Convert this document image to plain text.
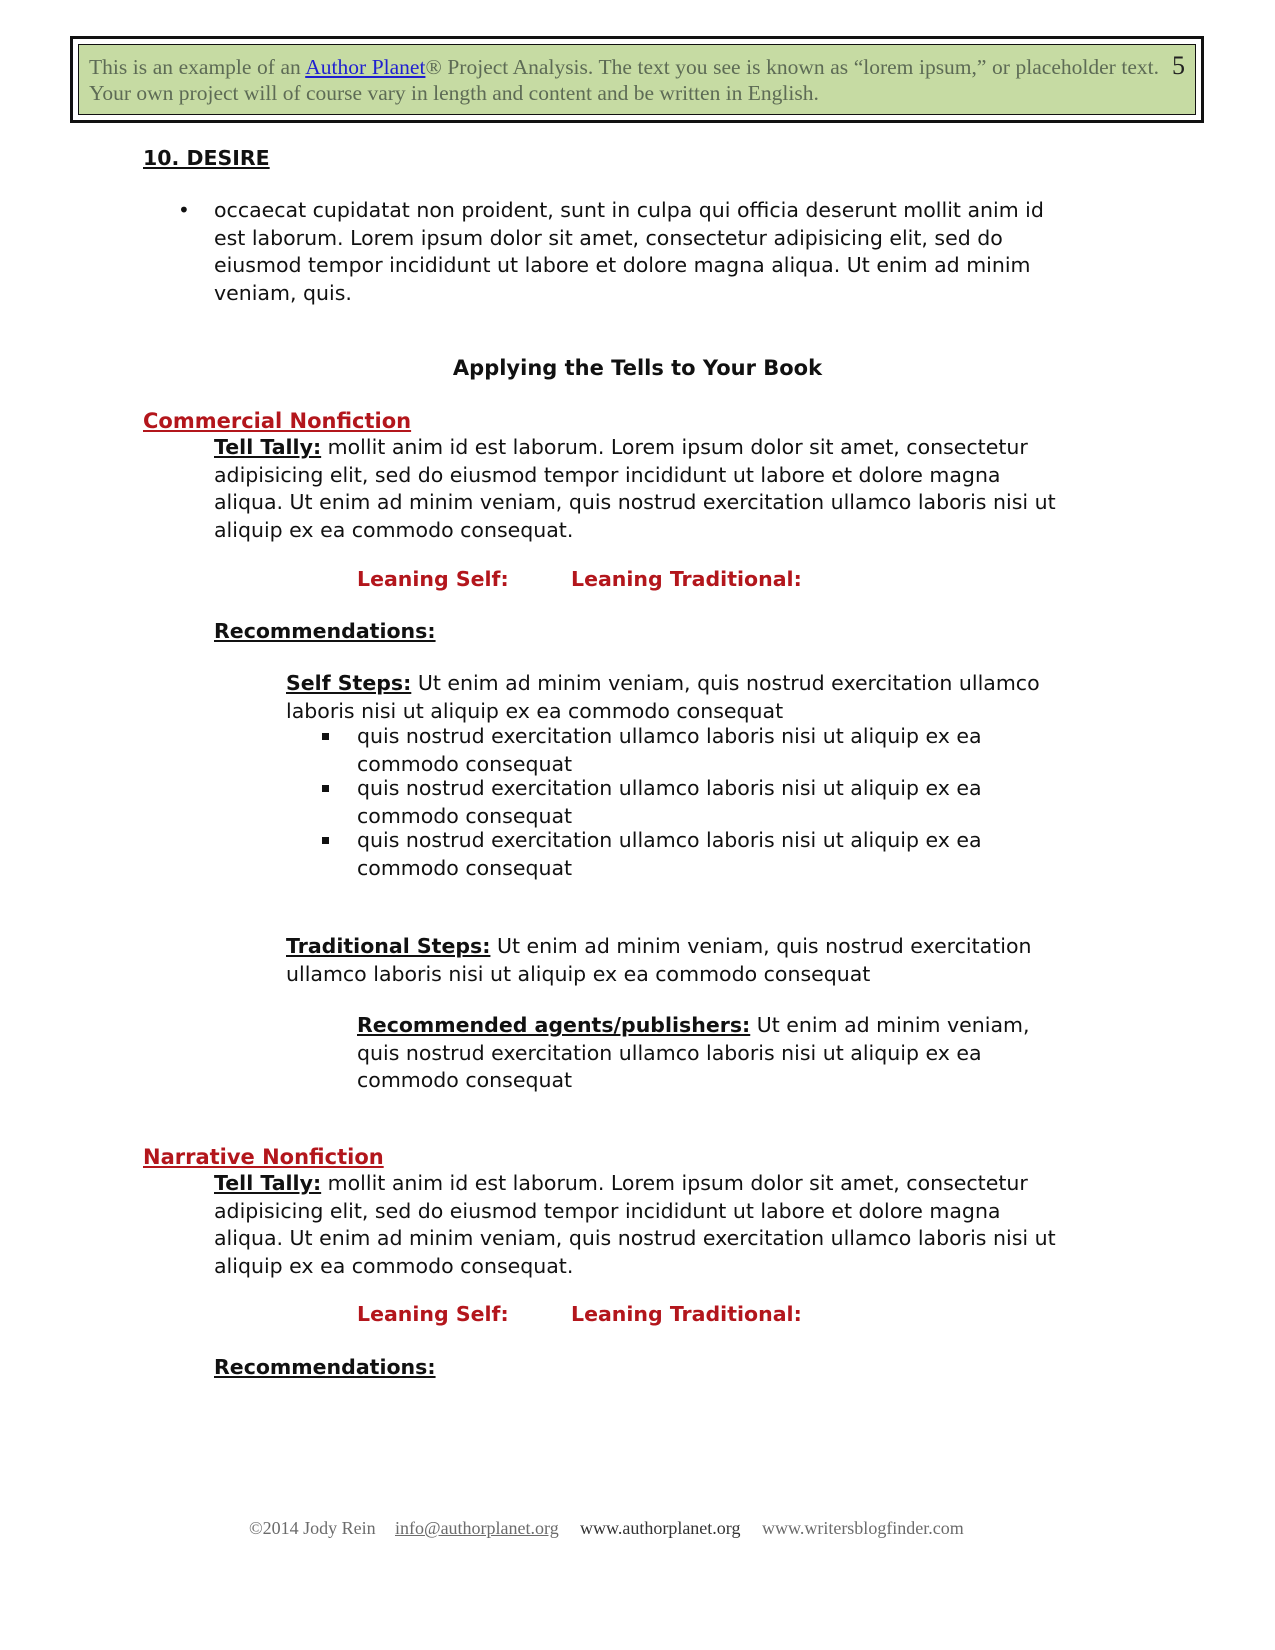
This is an example of an Author Planet® Project Analysis. The text you see is known as “lorem ipsum,” or placeholder text. Your own project will of course vary in length and content and be written in English.
5
10. DESIRE
• occaecat cupidatat non proident, sunt in culpa qui officia deserunt mollit anim id est laborum. Lorem ipsum dolor sit amet, consectetur adipisicing elit, sed do eiusmod tempor incididunt ut labore et dolore magna aliqua. Ut enim ad minim veniam, quis.
Applying the Tells to Your Book
Commercial Nonfiction
Tell Tally: mollit anim id est laborum. Lorem ipsum dolor sit amet, consectetur adipisicing elit, sed do eiusmod tempor incididunt ut labore et dolore magna aliqua. Ut enim ad minim veniam, quis nostrud exercitation ullamco laboris nisi ut aliquip ex ea commodo consequat.
Leaning Self:	Leaning Traditional:
Recommendations:
Self Steps: Ut enim ad minim veniam, quis nostrud exercitation ullamco laboris nisi ut aliquip ex ea commodo consequat
quis nostrud exercitation ullamco laboris nisi ut aliquip ex ea commodo consequat
quis nostrud exercitation ullamco laboris nisi ut aliquip ex ea commodo consequat
quis nostrud exercitation ullamco laboris nisi ut aliquip ex ea commodo consequat
Traditional Steps: Ut enim ad minim veniam, quis nostrud exercitation ullamco laboris nisi ut aliquip ex ea commodo consequat
Recommended agents/publishers: Ut enim ad minim veniam, quis nostrud exercitation ullamco laboris nisi ut aliquip ex ea commodo consequat
Narrative Nonfiction
Tell Tally: mollit anim id est laborum. Lorem ipsum dolor sit amet, consectetur adipisicing elit, sed do eiusmod tempor incididunt ut labore et dolore magna aliqua. Ut enim ad minim veniam, quis nostrud exercitation ullamco laboris nisi ut aliquip ex ea commodo consequat.
Leaning Self:	Leaning Traditional:
Recommendations:
©2014 Jody Rein info@authorplanet.org www.authorplanet.org www.writersblogfinder.com
